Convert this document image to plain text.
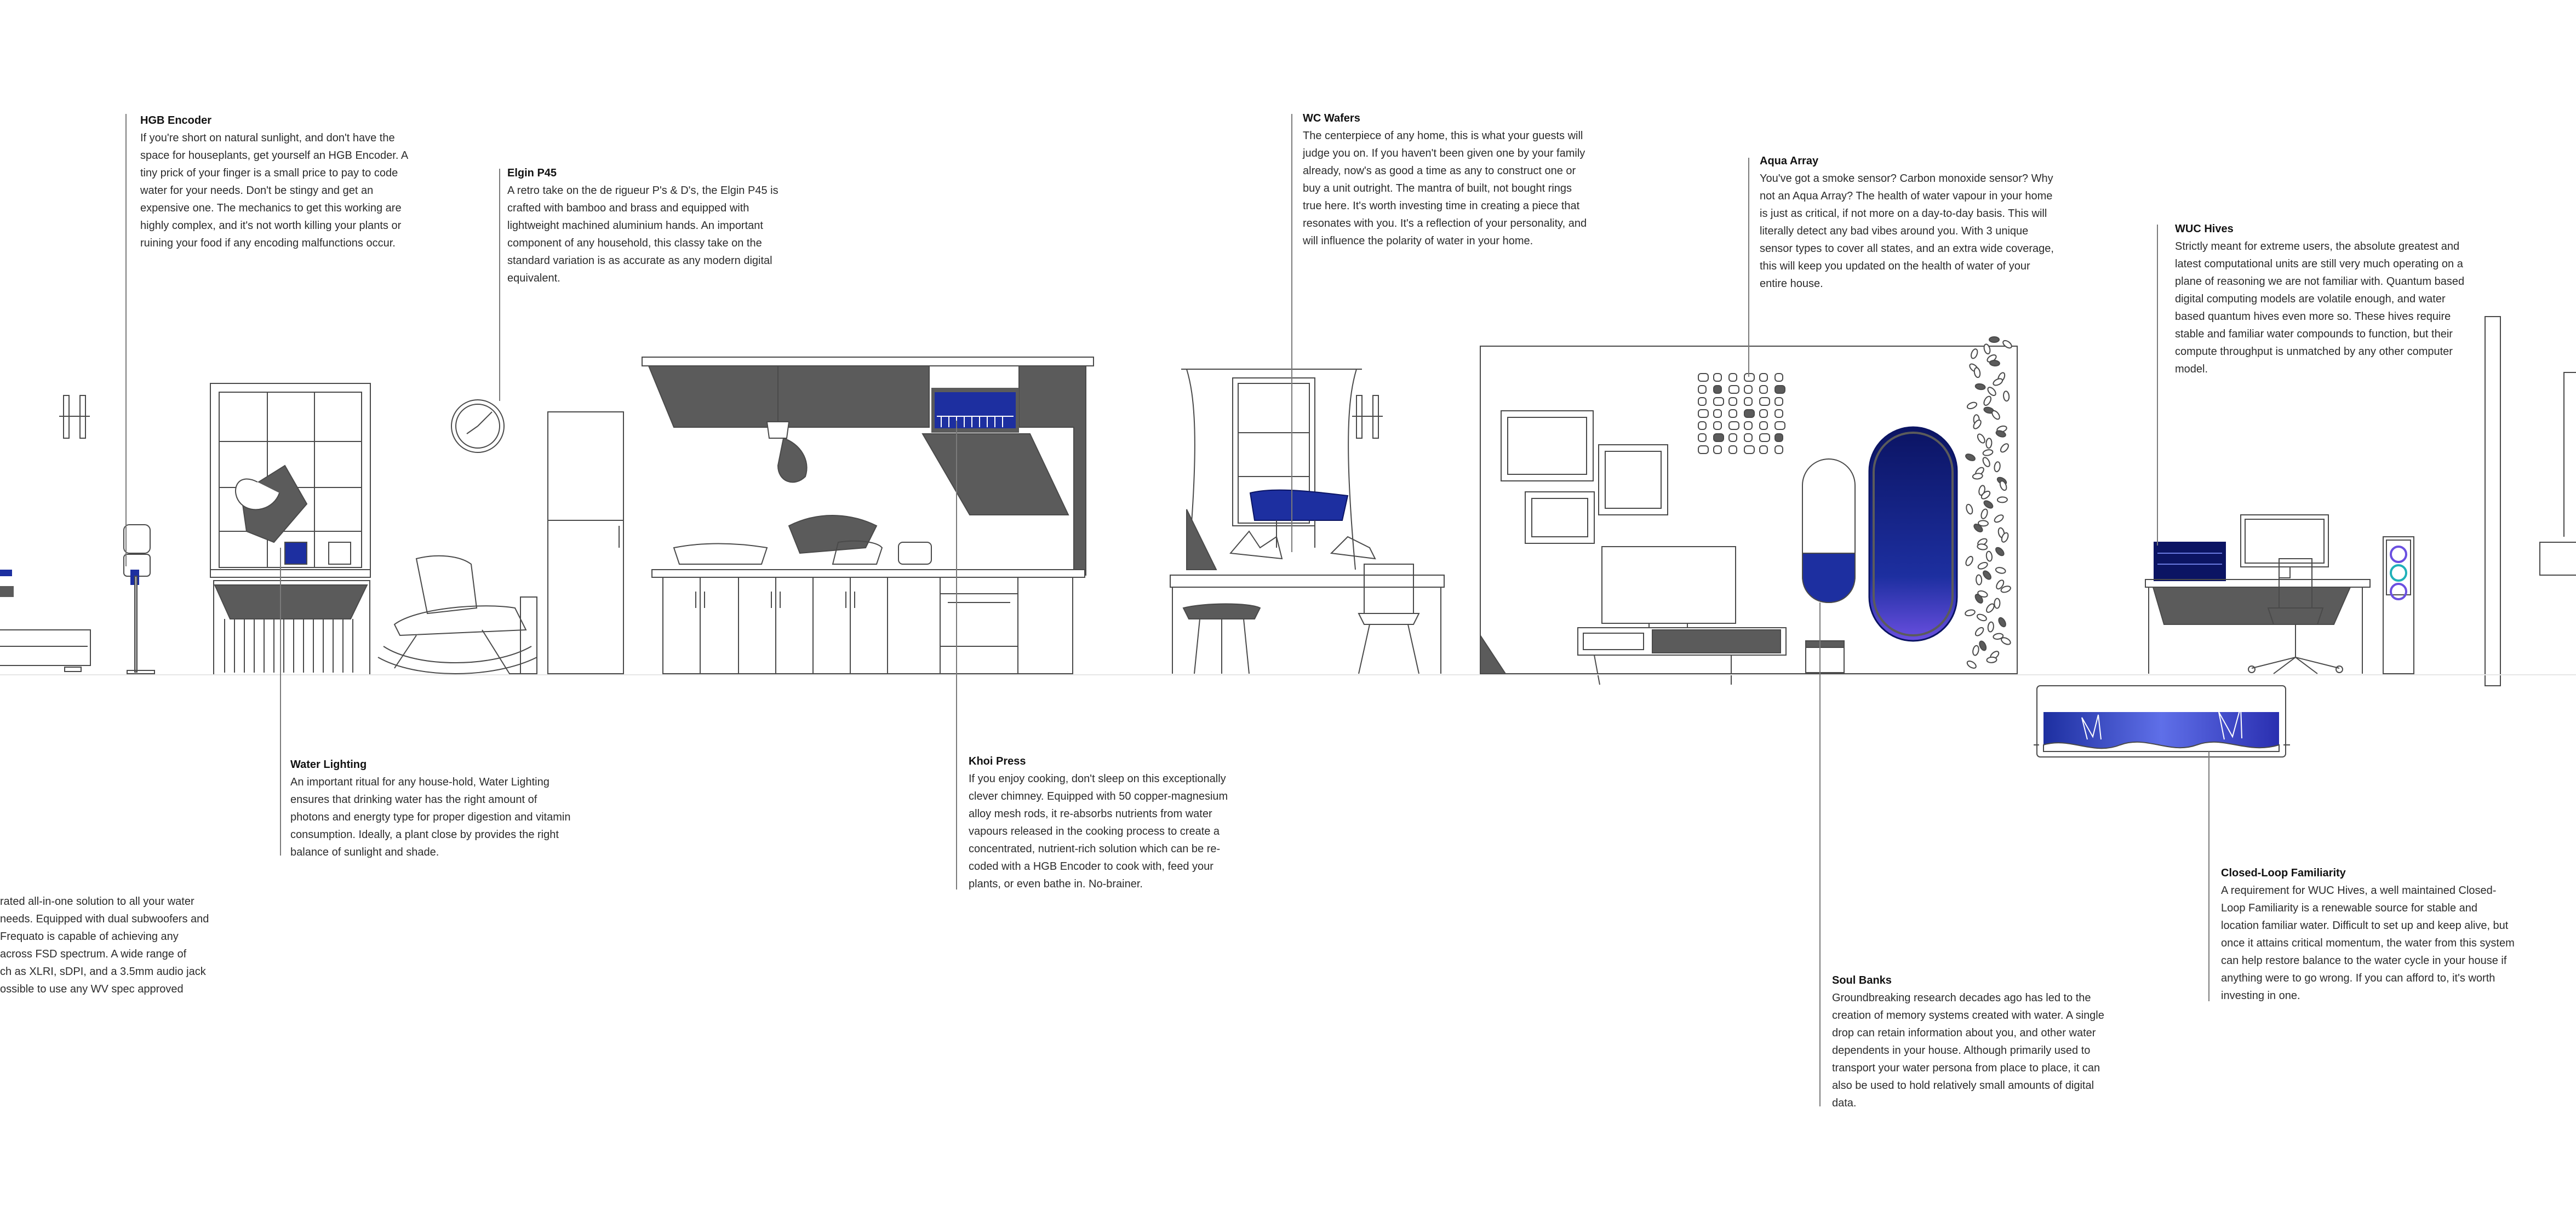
HGB Encoder
If you're short on natural sunlight, and don't have the space for houseplants, get yourself an HGB Encoder. A tiny prick of your finger is a small price to pay to code water for your needs. Don't be stingy and get an expensive one. The mechanics to get this working are highly complex, and it's not worth killing your plants or ruining your food if any encoding malfunctions occur.
Elgin P45
A retro take on the de rigueur P's & D's, the Elgin P45 is crafted with bamboo and brass and equipped with lightweight machined aluminium hands. An important component of any household, this classy take on the standard variation is as accurate as any modern digital equivalent.
WC Wafers
The centerpiece of any home, this is what your guests will judge you on. If you haven't been given one by your family already, now's as good a time as any to construct one or buy a unit outright. The mantra of built, not bought rings true here. It's worth investing time in creating a piece that resonates with you. It's a reflection of your personality, and will influence the polarity of water in your home.
Aqua Array
You've got a smoke sensor? Carbon monoxide sensor? Why not an Aqua Array? The health of water vapour in your home is just as critical, if not more on a day-to-day basis. This will literally detect any bad vibes around you. With 3 unique sensor types to cover all states, and an extra wide coverage, this will keep you updated on the health of water of your entire house.
WUC Hives
Strictly meant for extreme users, the absolute greatest and latest computational units are still very much operating on a plane of reasoning we are not familiar with. Quantum based digital computing models are volatile enough, and water based quantum hives even more so. These hives require stable and familiar water compounds to function, but their compute throughput is unmatched by any other computer model.
Water Lighting
An important ritual for any house-hold, Water Lighting ensures that drinking water has the right amount of photons and energty type for proper digestion and vitamin consumption. Ideally, a plant close by provides the right balance of sunlight and shade.
Khoi Press
If you enjoy cooking, don't sleep on this exceptionally clever chimney. Equipped with 50 copper-magnesium alloy mesh rods, it re-absorbs nutrients from water vapours released in the cooking process to create a concentrated, nutrient-rich solution which can be re-coded with a HGB Encoder to cook with, feed your plants, or even bathe in. No-brainer.
Closed-Loop Familiarity
A requirement for WUC Hives, a well maintained Closed-Loop Familiarity is a renewable source for stable and location familiar water. Difficult to set up and keep alive, but once it attains critical momentum, the water from this system can help restore balance to the water cycle in your house if anything were to go wrong. If you can afford to, it's worth investing in one.
Soul Banks
Groundbreaking research decades ago has led to the creation of memory systems created with water. A single drop can retain information about you, and other water dependents in your house. Although primarily used to transport your water persona from place to place, it can also be used to hold relatively small amounts of digital data.
rated all-in-one solution to all your water
needs. Equipped with dual subwoofers and
Frequato is capable of achieving any
across FSD spectrum. A wide range of
ch as XLRI, sDPI, and a 3.5mm audio jack
ossible to use any WV spec approved
